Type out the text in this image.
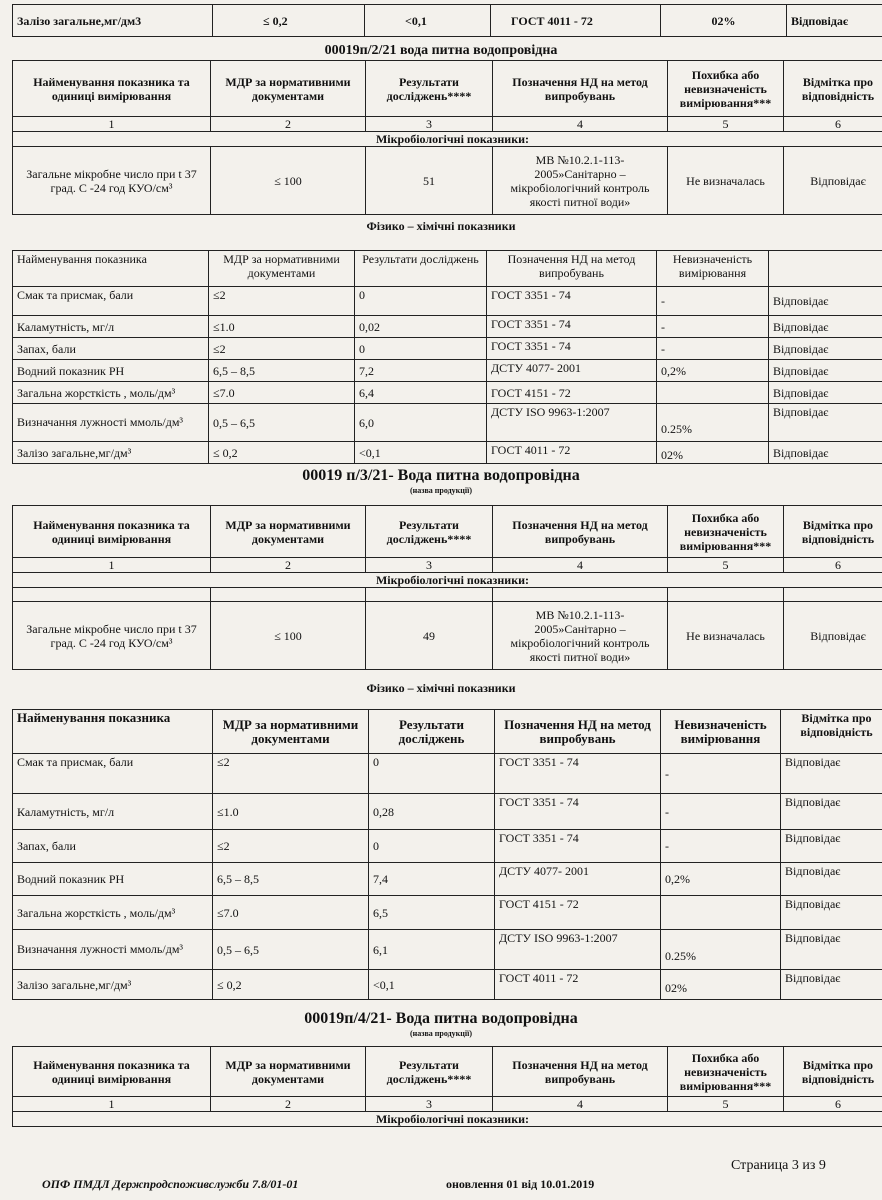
Залізо загальне,мг/дм3	≤ 0,2	<0,1	ГОСТ 4011 - 72	02%	Відповідає
00019п/2/21 вода питна водопровідна
Найменування показника та одиниці вимірювання	МДР за нормативними документами	Результати досліджень****	Позначення НД на метод випробувань	Похибка або невизначеність вимірювання***	Відмітка про відповідність
1	2	3	4	5	6
Мікробіологічні показники:					
Загальне мікробне число при t 37 град. С -24 год КУО/см³	≤ 100	51	МВ №10.2.1-113-2005»Санітарно – мікробіологічний контроль якості питної води»	Не визначалась	Відповідає
Фізико – хімічні показники
Найменування показника	МДР за нормативними документами	Результати досліджень	Позначення НД на метод випробувань	Невизначеність вимірювання	
Смак та присмак, бали	≤2	0	ГОСТ 3351 - 74	-	Відповідає
Каламутність, мг/л	≤1.0	0,02	ГОСТ 3351 - 74	-	Відповідає
Запах, бали	≤2	0	ГОСТ 3351 - 74	-	Відповідає
Водний показник РН	6,5 – 8,5	7,2	ДСТУ 4077- 2001	0,2%	Відповідає
Загальна жорсткість , моль/дм³	≤7.0	6,4	ГОСТ 4151 - 72		Відповідає
Визначання лужності ммоль/дм³	0,5 – 6,5	6,0	ДСТУ ISO 9963-1:2007	0.25%	Відповідає
Залізо загальне,мг/дм³	≤ 0,2	<0,1	ГОСТ 4011 - 72	02%	Відповідає
00019 п/3/21- Вода питна водопровідна
(назва продукції)
Найменування показника та одиниці вимірювання	МДР за нормативними документами	Результати досліджень****	Позначення НД на метод випробувань	Похибка або невизначеність вимірювання***	Відмітка про відповідність
1	2	3	4	5	6
Мікробіологічні показники:					

Загальне мікробне число при t 37 град. С -24 год КУО/см³	≤ 100	49	МВ №10.2.1-113-2005»Санітарно – мікробіологічний контроль якості питної води»	Не визначалась	Відповідає
Фізико – хімічні показники
Найменування показника	МДР за нормативними документами	Результати досліджень	Позначення НД на метод випробувань	Невизначеність вимірювання	Відмітка про відповідність
Смак та присмак, бали	≤2	0	ГОСТ 3351 - 74	-	Відповідає
Каламутність, мг/л	≤1.0	0,28	ГОСТ 3351 - 74	-	Відповідає
Запах, бали	≤2	0	ГОСТ 3351 - 74	-	Відповідає
Водний показник РН	6,5 – 8,5	7,4	ДСТУ 4077- 2001	0,2%	Відповідає
Загальна жорсткість , моль/дм³	≤7.0	6,5	ГОСТ 4151 - 72		Відповідає
Визначання лужності ммоль/дм³	0,5 – 6,5	6,1	ДСТУ ISO 9963-1:2007	0.25%	Відповідає
Залізо загальне,мг/дм³	≤ 0,2	<0,1	ГОСТ 4011 - 72	02%	Відповідає
00019п/4/21- Вода питна водопровідна
(назва продукції)
Найменування показника та одиниці вимірювання	МДР за нормативними документами	Результати досліджень****	Позначення НД на метод випробувань	Похибка або невизначеність вимірювання***	Відмітка про відповідність
1	2	3	4	5	6
Мікробіологічні показники:					
Страница 3 из 9
ОПФ ПМДЛ Держпродспоживслужби 7.8/01-01	оновлення 01 від 10.01.2019
